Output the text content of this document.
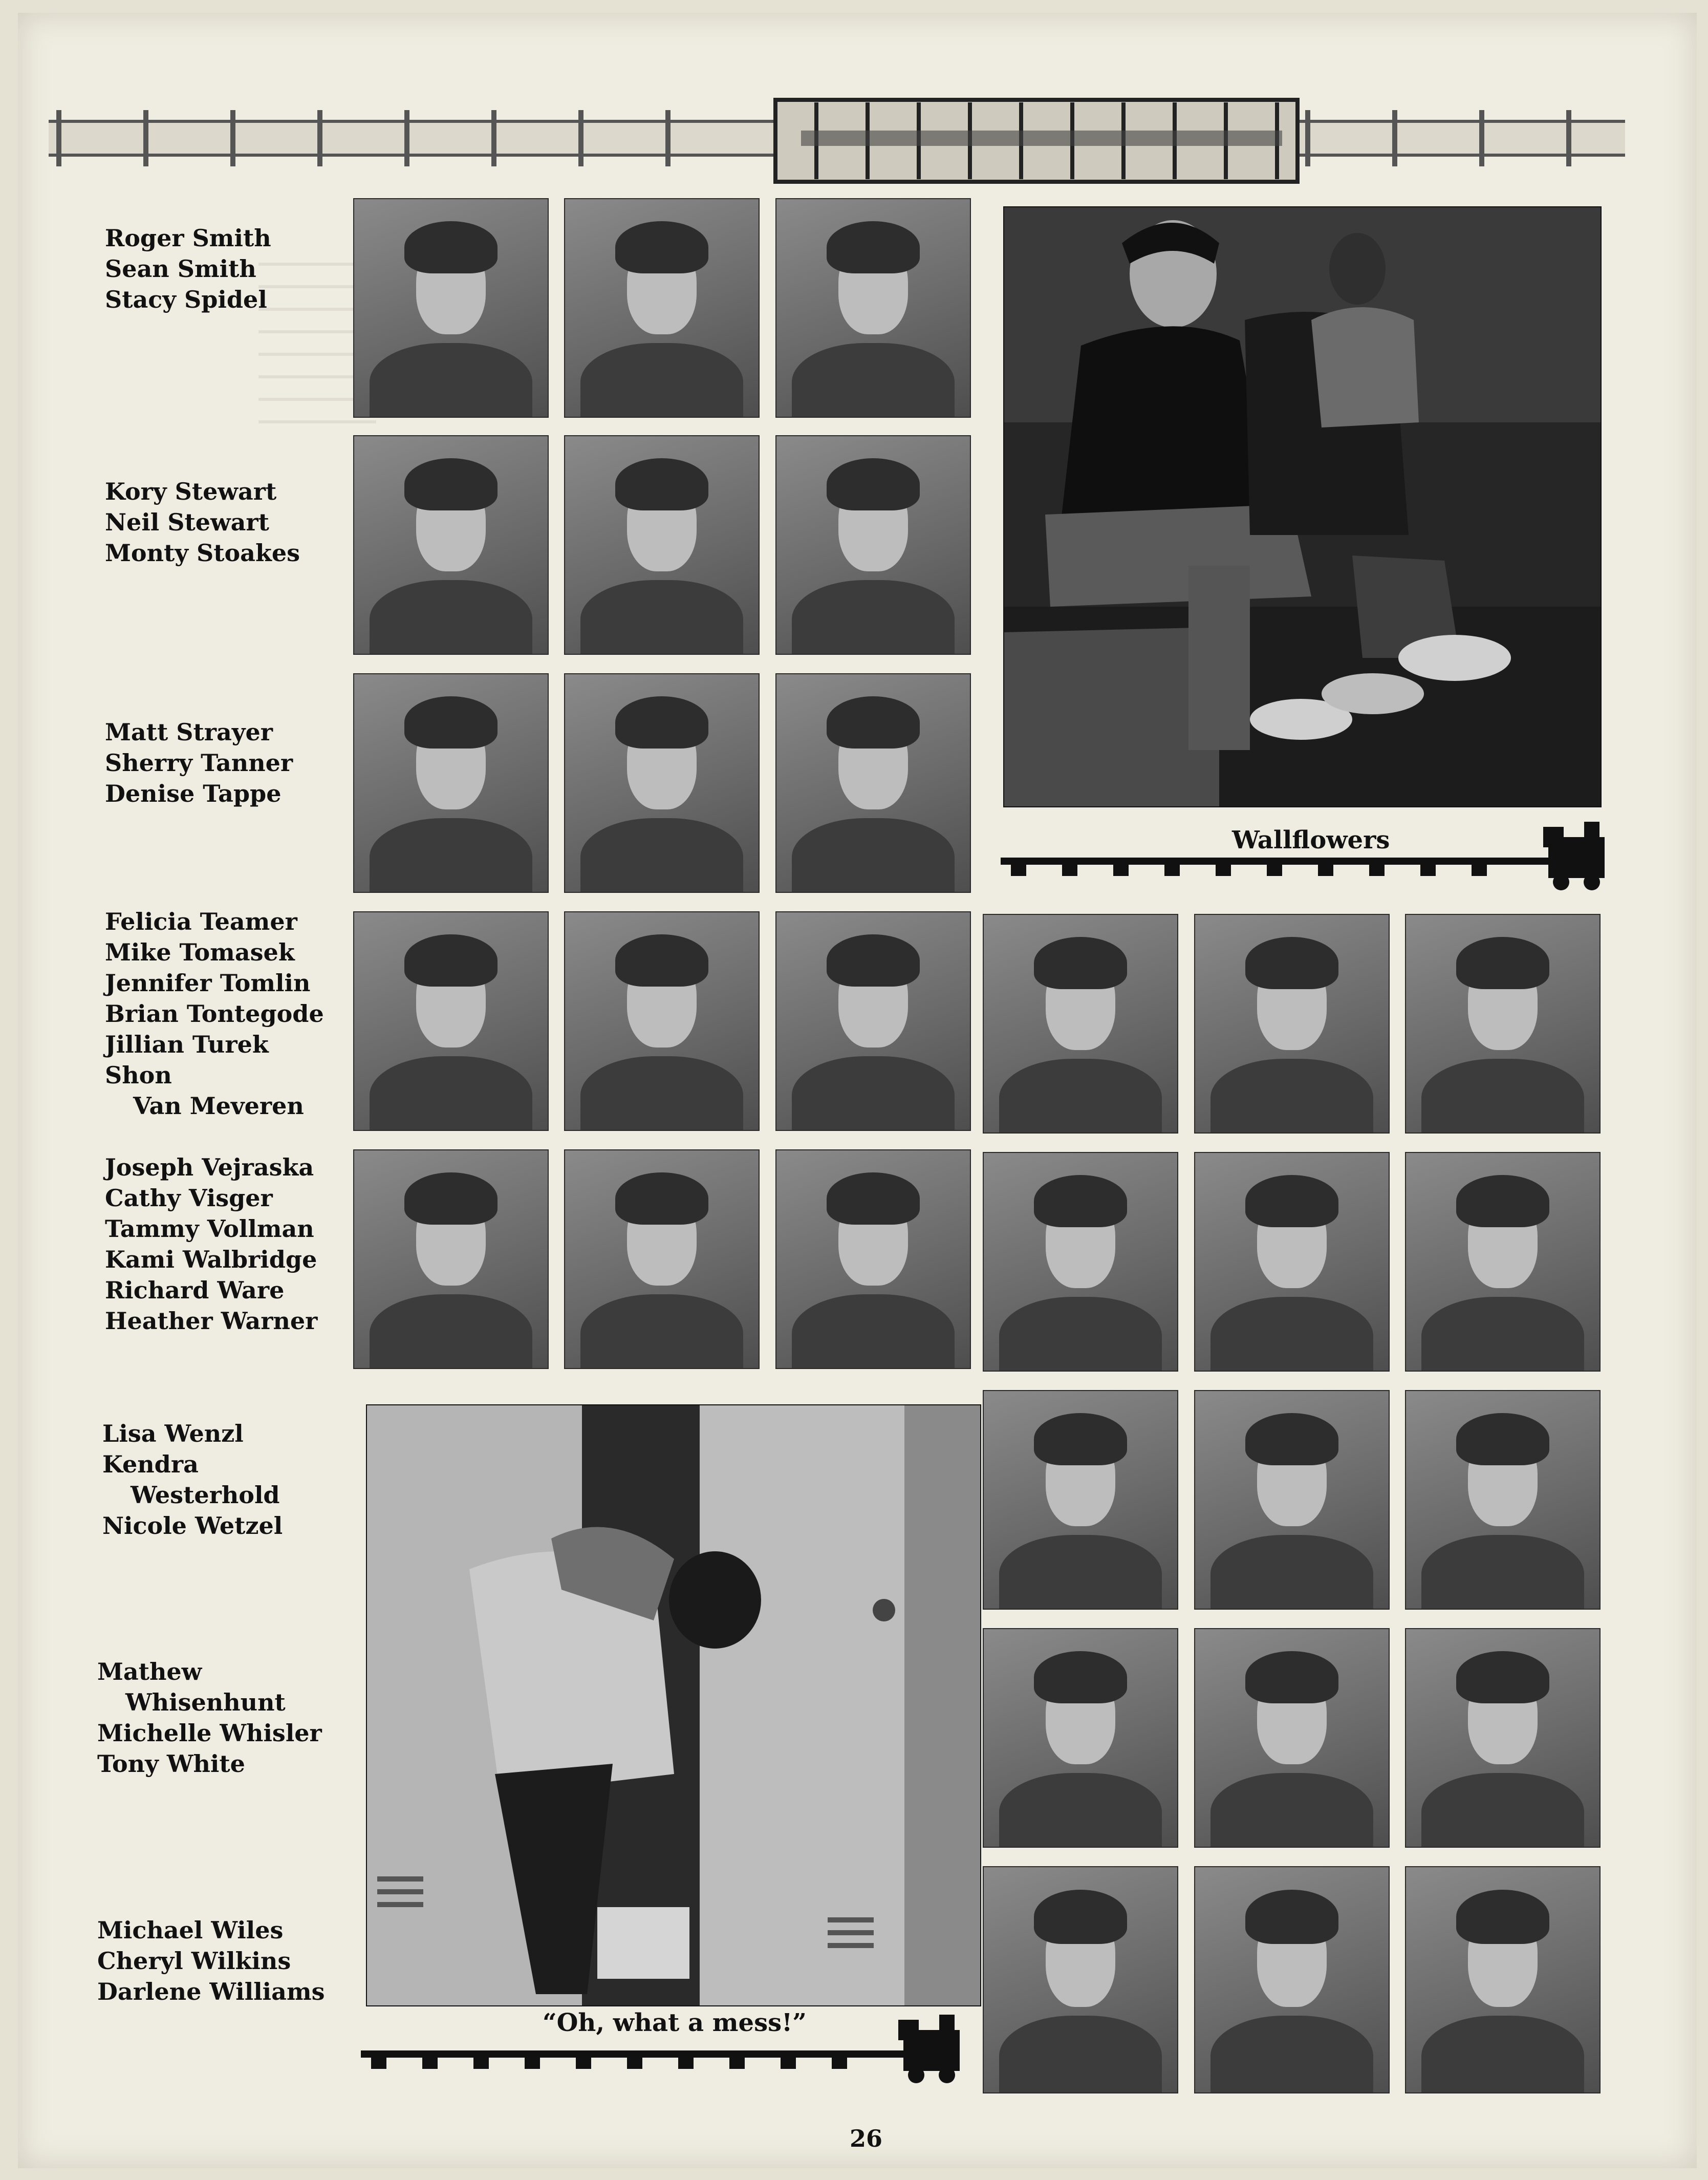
Roger Smith
Sean Smith
Stacy Spidel
Kory Stewart
Neil Stewart
Monty Stoakes
Matt Strayer
Sherry Tanner
Denise Tappe
Felicia Teamer
Mike Tomasek
Jennifer Tomlin
Brian Tontegode
Jillian Turek
Shon
Van Meveren
Joseph Vejraska
Cathy Visger
Tammy Vollman
Kami Walbridge
Richard Ware
Heather Warner
Lisa Wenzl
Kendra
Westerhold
Nicole Wetzel
Mathew
Whisenhunt
Michelle Whisler
Tony White
Michael Wiles
Cheryl Wilkins
Darlene Williams
Wallflowers
“Oh, what a mess!”
26
